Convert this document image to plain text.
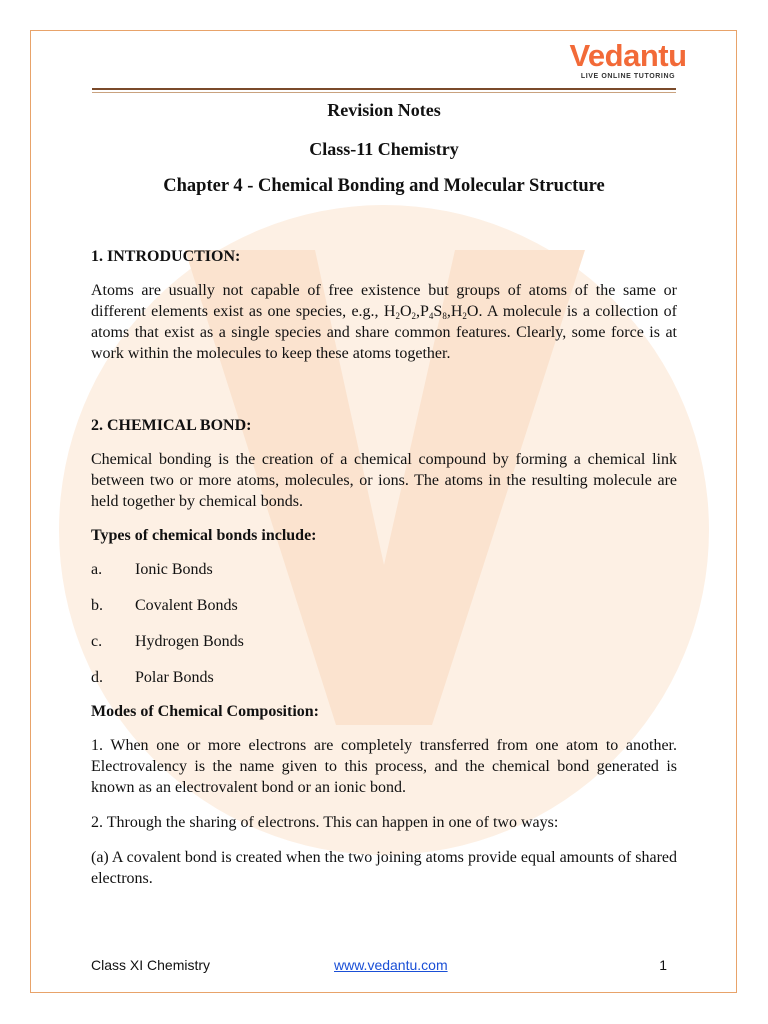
Vedantu
LIVE ONLINE TUTORING
Revision Notes
Class-11 Chemistry
Chapter 4 - Chemical Bonding and Molecular Structure
1. INTRODUCTION:

Atoms are usually not capable of free existence but groups of atoms of the same or different elements exist as one species, e.g., $H_2O_2,P_4S_8,H_2O$. A molecule is a collection of atoms that exist as a single species and share common features. Clearly, some force is at work within the molecules to keep these atoms together.

2. CHEMICAL BOND:

Chemical bonding is the creation of a chemical compound by forming a chemical link between two or more atoms, molecules, or ions. The atoms in the resulting molecule are held together by chemical bonds.

Types of chemical bonds include:
a.	Ionic Bonds
b.	Covalent Bonds
c.	Hydrogen Bonds
d.	Polar Bonds
Modes of Chemical Composition:

1. When one or more electrons are completely transferred from one atom to another. Electrovalency is the name given to this process, and the chemical bond generated is known as an electrovalent bond or an ionic bond.

2. Through the sharing of electrons. This can happen in one of two ways:

(a) A covalent bond is created when the two joining atoms provide equal amounts of shared electrons.

Class XI Chemistry	www.vedantu.com	1
